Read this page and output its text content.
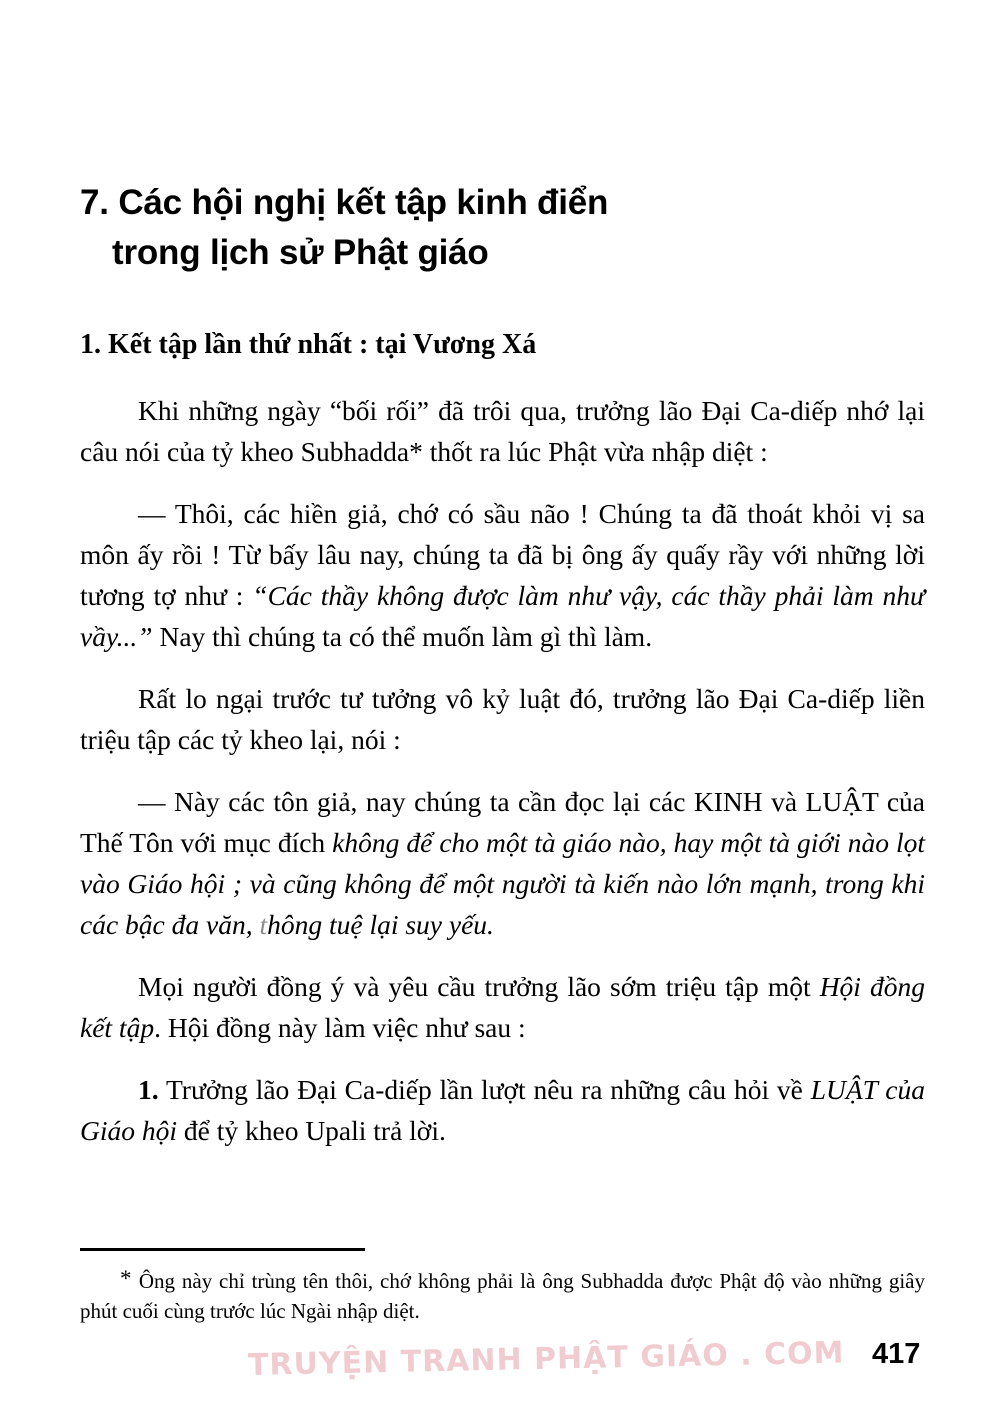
7. Các hội nghị kết tập kinh điển
trong lịch sử Phật giáo
1. Kết tập lần thứ nhất : tại Vương Xá

Khi những ngày “bối rối” đã trôi qua, trưởng lão Đại Ca-diếp nhớ lại câu nói của tỷ kheo Subhadda* thốt ra lúc Phật vừa nhập diệt :

— Thôi, các hiền giả, chớ có sầu não ! Chúng ta đã thoát khỏi vị sa môn ấy rồi ! Từ bấy lâu nay, chúng ta đã bị ông ấy quấy rầy với những lời tương tợ như : “Các thầy không được làm như vậy, các thầy phải làm như vầy...” Nay thì chúng ta có thể muốn làm gì thì làm.

Rất lo ngại trước tư tưởng vô kỷ luật đó, trưởng lão Đại Ca-diếp liền triệu tập các tỷ kheo lại, nói :

— Này các tôn giả, nay chúng ta cần đọc lại các KINH và LUẬT của Thế Tôn với mục đích không để cho một tà giáo nào, hay một tà giới nào lọt vào Giáo hội ; và cũng không để một người tà kiến nào lớn mạnh, trong khi các bậc đa văn, thông tuệ lại suy yếu.

Mọi người đồng ý và yêu cầu trưởng lão sớm triệu tập một Hội đồng kết tập. Hội đồng này làm việc như sau :

1. Trưởng lão Đại Ca-diếp lần lượt nêu ra những câu hỏi về LUẬT của Giáo hội để tỷ kheo Upali trả lời.

* Ông này chỉ trùng tên thôi, chớ không phải là ông Subhadda được Phật độ vào những giây phút cuối cùng trước lúc Ngài nhập diệt.

TRUYỆN TRANH PHẬT GIÁO . COM 417
